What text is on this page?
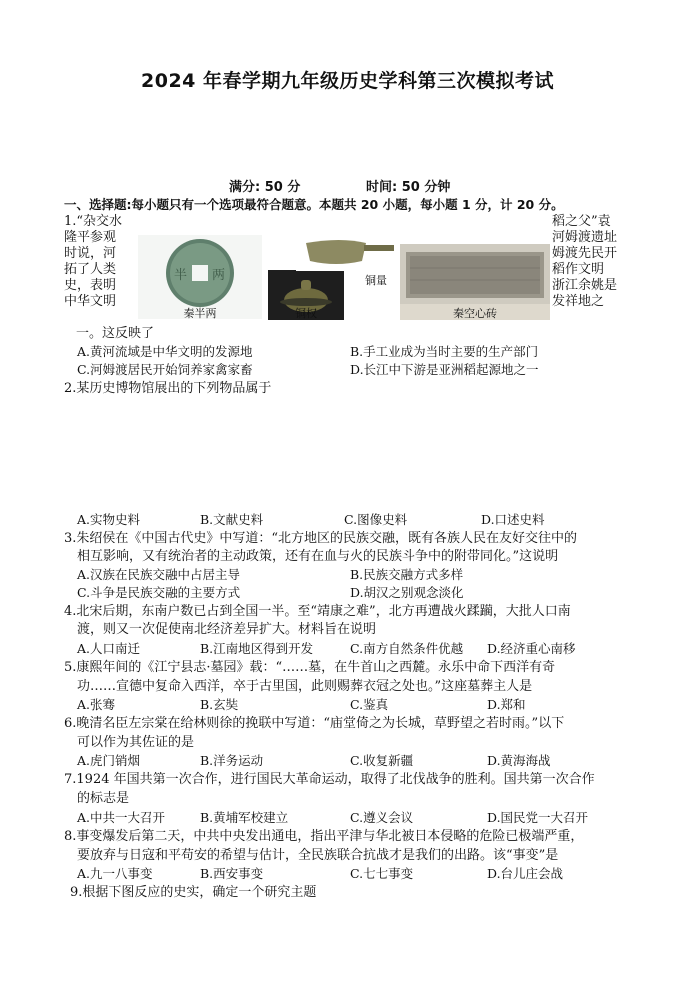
2024 年春学期九年级历史学科第三次模拟考试
满分: 50 分	时间: 50 分钟
一、选择题:每小题只有一个选项最符合题意。本题共 20 小题，每小题 1 分，计 20 分。
1.“杂交水
隆平参观
时说，河
拓了人类
史，表明
中华文明
稻之父”袁
河姆渡遗址
姆渡先民开
稻作文明
浙江余姚是
发祥地之
半 两
秦半两	铜权
铜量
秦空心砖
一。这反映了
A.黄河流域是中华文明的发源地	B.手工业成为当时主要的生产部门
C.河姆渡居民开始饲养家禽家畜	D.长江中下游是亚洲稻起源地之一
2.某历史博物馆展出的下列物品属于
A.实物史料	B.文献史料	C.图像史料	D.口述史料
3.朱绍侯在《中国古代史》中写道：“北方地区的民族交融，既有各族人民在友好交往中的
相互影响，又有统治者的主动政策，还有在血与火的民族斗争中的附带同化。”这说明
A.汉族在民族交融中占居主导	B.民族交融方式多样
C.斗争是民族交融的主要方式	D.胡汉之别观念淡化
4.北宋后期，东南户数已占到全国一半。至“靖康之难”，北方再遭战火蹂躏，大批人口南
渡，则又一次促使南北经济差异扩大。材料旨在说明
A.人口南迁	B.江南地区得到开发	C.南方自然条件优越 D.经济重心南移
5.康熙年间的《江宁县志·墓园》载：“……墓，在牛首山之西麓。永乐中命下西洋有奇
功……宣德中复命入西洋，卒于古里国，此则赐葬衣冠之处也。”这座墓葬主人是
A.张骞	B.玄奘	C.鉴真	D.郑和
6.晚清名臣左宗棠在给林则徐的挽联中写道：“庙堂倚之为长城，草野望之若时雨。”以下
可以作为其佐证的是
A.虎门销烟	B.洋务运动	C.收复新疆	D.黄海海战
7.1924 年国共第一次合作，进行国民大革命运动，取得了北伐战争的胜利。国共第一次合作
的标志是
A.中共一大召开	B.黄埔军校建立	C.遵义会议	D.国民党一大召开
8.事变爆发后第二天，中共中央发出通电，指出平津与华北被日本侵略的危险已极端严重，
要放弃与日寇和平苟安的希望与估计，全民族联合抗战才是我们的出路。该“事变”是
A.九一八事变	B.西安事变	C.七七事变	D.台儿庄会战
9.根据下图反应的史实，确定一个研究主题
